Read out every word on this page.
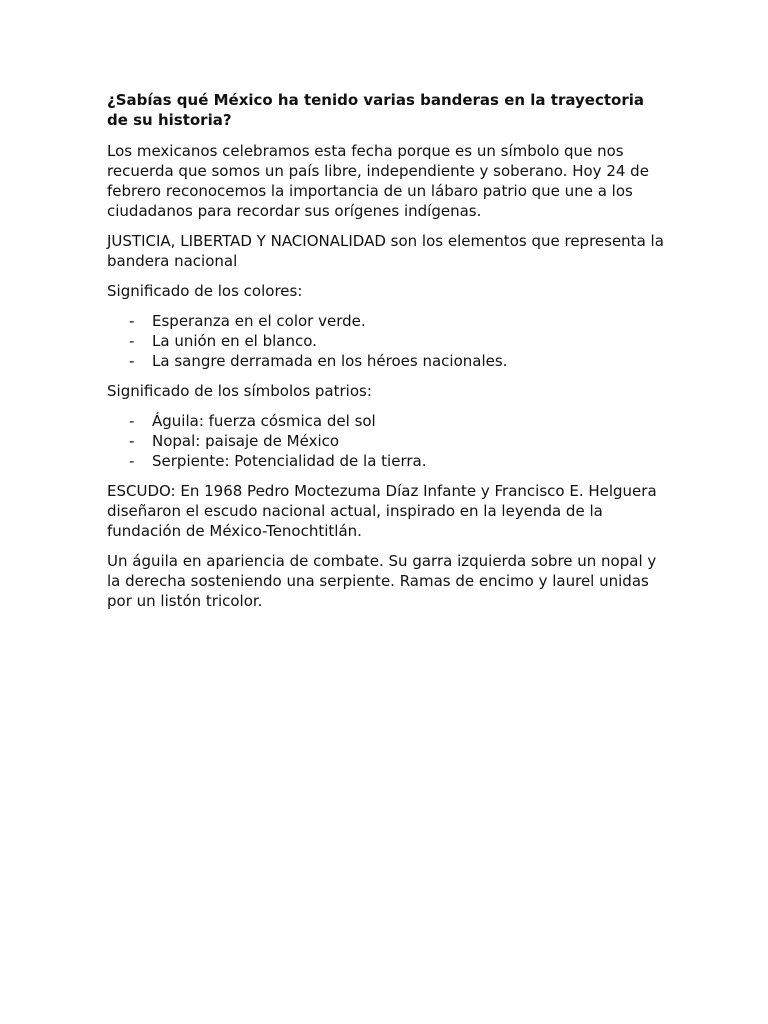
¿Sabías qué México ha tenido varias banderas en la trayectoria de su historia?

Los mexicanos celebramos esta fecha porque es un símbolo que nos recuerda que somos un país libre, independiente y soberano. Hoy 24 de febrero reconocemos la importancia de un lábaro patrio que une a los ciudadanos para recordar sus orígenes indígenas.

JUSTICIA, LIBERTAD Y NACIONALIDAD son los elementos que representa la bandera nacional

Significado de los colores:

- Esperanza en el color verde.
- La unión en el blanco.
- La sangre derramada en los héroes nacionales.

Significado de los símbolos patrios:

- Águila: fuerza cósmica del sol
- Nopal: paisaje de México
- Serpiente: Potencialidad de la tierra.

ESCUDO: En 1968 Pedro Moctezuma Díaz Infante y Francisco E. Helguera diseñaron el escudo nacional actual, inspirado en la leyenda de la fundación de México-Tenochtitlán.

Un águila en apariencia de combate. Su garra izquierda sobre un nopal y la derecha sosteniendo una serpiente. Ramas de encimo y laurel unidas por un listón tricolor.
